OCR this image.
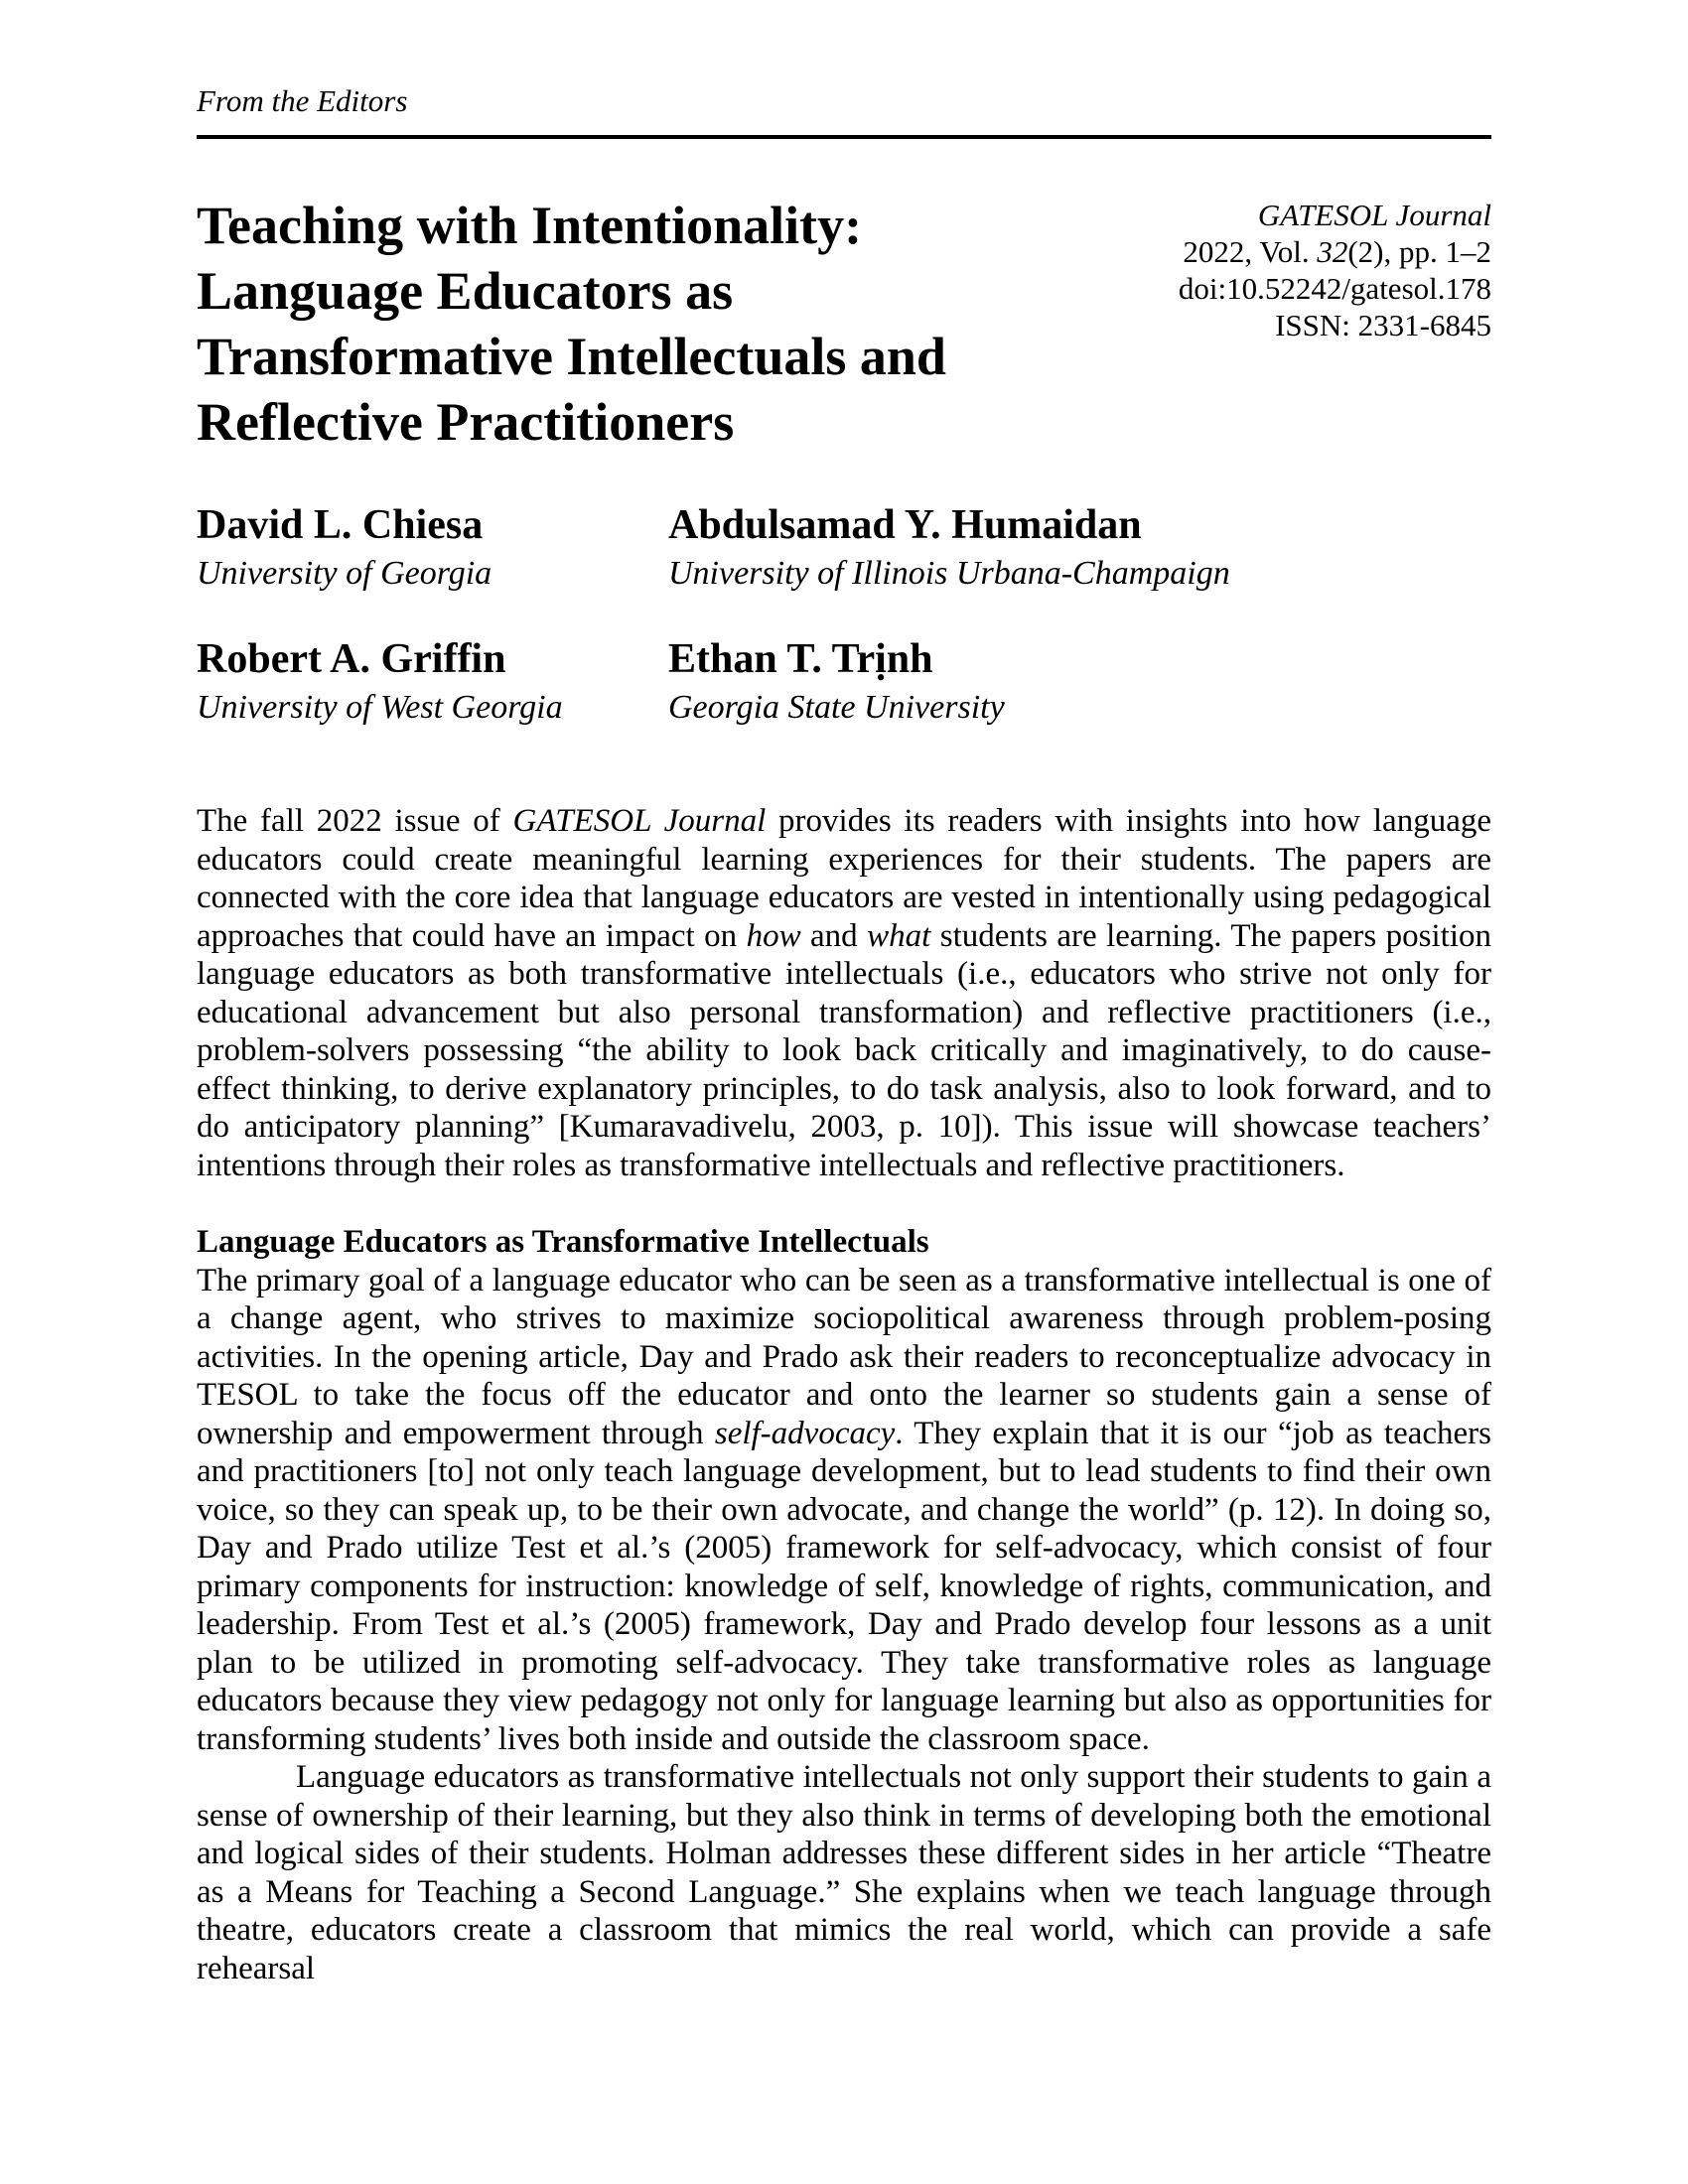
From the Editors
Teaching with Intentionality:
Language Educators as
Transformative Intellectuals and
Reflective Practitioners
GATESOL Journal
2022, Vol. 32(2), pp. 1–2
doi:10.52242/gatesol.178
ISSN: 2331-6845
David L. Chiesa
University of Georgia
Abdulsamad Y. Humaidan
University of Illinois Urbana-Champaign
Robert A. Griffin
University of West Georgia
Ethan T. Trịnh
Georgia State University

The fall 2022 issue of GATESOL Journal provides its readers with insights into how language educators could create meaningful learning experiences for their students. The papers are connected with the core idea that language educators are vested in intentionally using pedagogical approaches that could have an impact on how and what students are learning. The papers position language educators as both transformative intellectuals (i.e., educators who strive not only for educational advancement but also personal transformation) and reflective practitioners (i.e., problem-solvers possessing “the ability to look back critically and imaginatively, to do cause-effect thinking, to derive explanatory principles, to do task analysis, also to look forward, and to do anticipatory planning” [Kumaravadivelu, 2003, p. 10]). This issue will showcase teachers’ intentions through their roles as transformative intellectuals and reflective practitioners.

Language Educators as Transformative Intellectuals

The primary goal of a language educator who can be seen as a transformative intellectual is one of a change agent, who strives to maximize sociopolitical awareness through problem-posing activities. In the opening article, Day and Prado ask their readers to reconceptualize advocacy in TESOL to take the focus off the educator and onto the learner so students gain a sense of ownership and empowerment through self-advocacy. They explain that it is our “job as teachers and practitioners [to] not only teach language development, but to lead students to find their own voice, so they can speak up, to be their own advocate, and change the world” (p. 12). In doing so, Day and Prado utilize Test et al.’s (2005) framework for self-advocacy, which consist of four primary components for instruction: knowledge of self, knowledge of rights, communication, and leadership. From Test et al.’s (2005) framework, Day and Prado develop four lessons as a unit plan to be utilized in promoting self-advocacy. They take transformative roles as language educators because they view pedagogy not only for language learning but also as opportunities for transforming students’ lives both inside and outside the classroom space.

Language educators as transformative intellectuals not only support their students to gain a sense of ownership of their learning, but they also think in terms of developing both the emotional and logical sides of their students. Holman addresses these different sides in her article “Theatre as a Means for Teaching a Second Language.” She explains when we teach language through theatre, educators create a classroom that mimics the real world, which can provide a safe rehearsal
